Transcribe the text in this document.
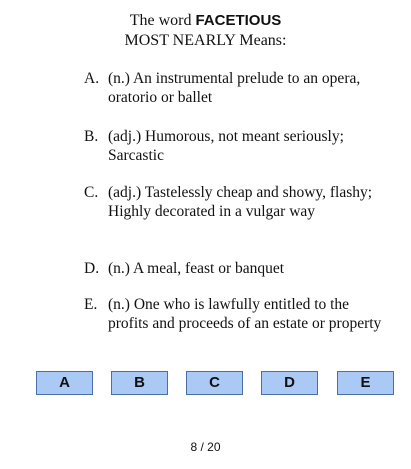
The word FACETIOUS
MOST NEARLY Means:
A. (n.) An instrumental prelude to an opera, oratorio or ballet
B. (adj.) Humorous, not meant seriously; Sarcastic
C. (adj.) Tastelessly cheap and showy, flashy; Highly decorated in a vulgar way
D. (n.) A meal, feast or banquet
E. (n.) One who is lawfully entitled to the profits and proceeds of an estate or property
A	B	C	D	E
8 / 20
